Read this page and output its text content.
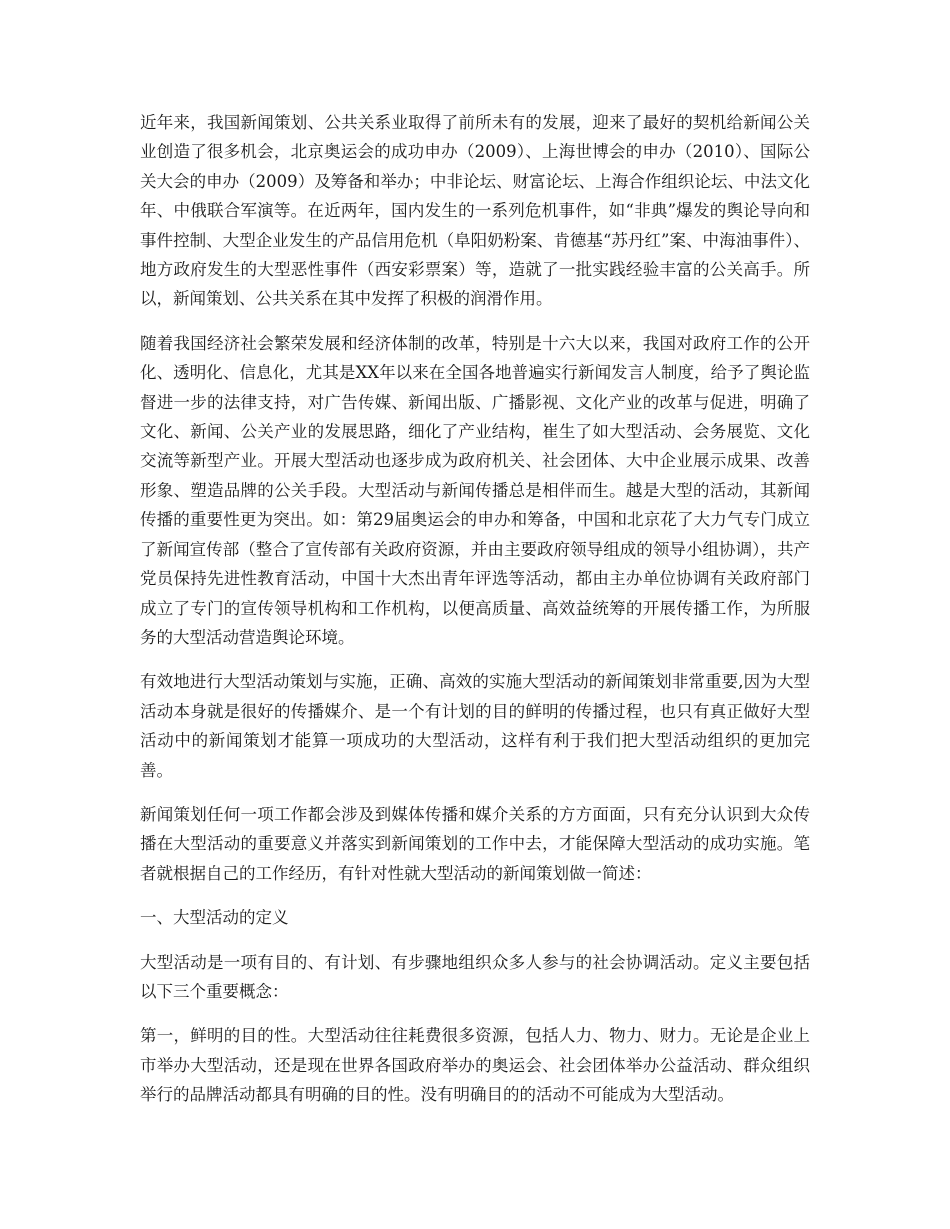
近年来，我国新闻策划、公共关系业取得了前所未有的发展，迎来了最好的契机给新闻公关业创造了很多机会，北京奥运会的成功申办（2009）、上海世博会的申办（2010）、国际公关大会的申办（2009）及筹备和举办；中非论坛、财富论坛、上海合作组织论坛、中法文化年、中俄联合军演等。在近两年，国内发生的一系列危机事件，如“非典”爆发的舆论导向和事件控制、大型企业发生的产品信用危机（阜阳奶粉案、肯德基“苏丹红”案、中海油事件）、地方政府发生的大型恶性事件（西安彩票案）等，造就了一批实践经验丰富的公关高手。所以，新闻策划、公共关系在其中发挥了积极的润滑作用。

随着我国经济社会繁荣发展和经济体制的改革，特别是十六大以来，我国对政府工作的公开化、透明化、信息化，尤其是XX年以来在全国各地普遍实行新闻发言人制度，给予了舆论监督进一步的法律支持，对广告传媒、新闻出版、广播影视、文化产业的改革与促进，明确了文化、新闻、公关产业的发展思路，细化了产业结构，崔生了如大型活动、会务展览、文化交流等新型产业。开展大型活动也逐步成为政府机关、社会团体、大中企业展示成果、改善形象、塑造品牌的公关手段。大型活动与新闻传播总是相伴而生。越是大型的活动，其新闻传播的重要性更为突出。如：第29届奥运会的申办和筹备，中国和北京花了大力气专门成立了新闻宣传部（整合了宣传部有关政府资源，并由主要政府领导组成的领导小组协调），共产党员保持先进性教育活动，中国十大杰出青年评选等活动，都由主办单位协调有关政府部门成立了专门的宣传领导机构和工作机构，以便高质量、高效益统筹的开展传播工作，为所服务的大型活动营造舆论环境。

有效地进行大型活动策划与实施，正确、高效的实施大型活动的新闻策划非常重要,因为大型活动本身就是很好的传播媒介、是一个有计划的目的鲜明的传播过程，也只有真正做好大型活动中的新闻策划才能算一项成功的大型活动，这样有利于我们把大型活动组织的更加完善。

新闻策划任何一项工作都会涉及到媒体传播和媒介关系的方方面面，只有充分认识到大众传播在大型活动的重要意义并落实到新闻策划的工作中去，才能保障大型活动的成功实施。笔者就根据自己的工作经历，有针对性就大型活动的新闻策划做一简述：

一、大型活动的定义

大型活动是一项有目的、有计划、有步骤地组织众多人参与的社会协调活动。定义主要包括以下三个重要概念：

第一，鲜明的目的性。大型活动往往耗费很多资源，包括人力、物力、财力。无论是企业上市举办大型活动，还是现在世界各国政府举办的奥运会、社会团体举办公益活动、群众组织举行的品牌活动都具有明确的目的性。没有明确目的的活动不可能成为大型活动。
